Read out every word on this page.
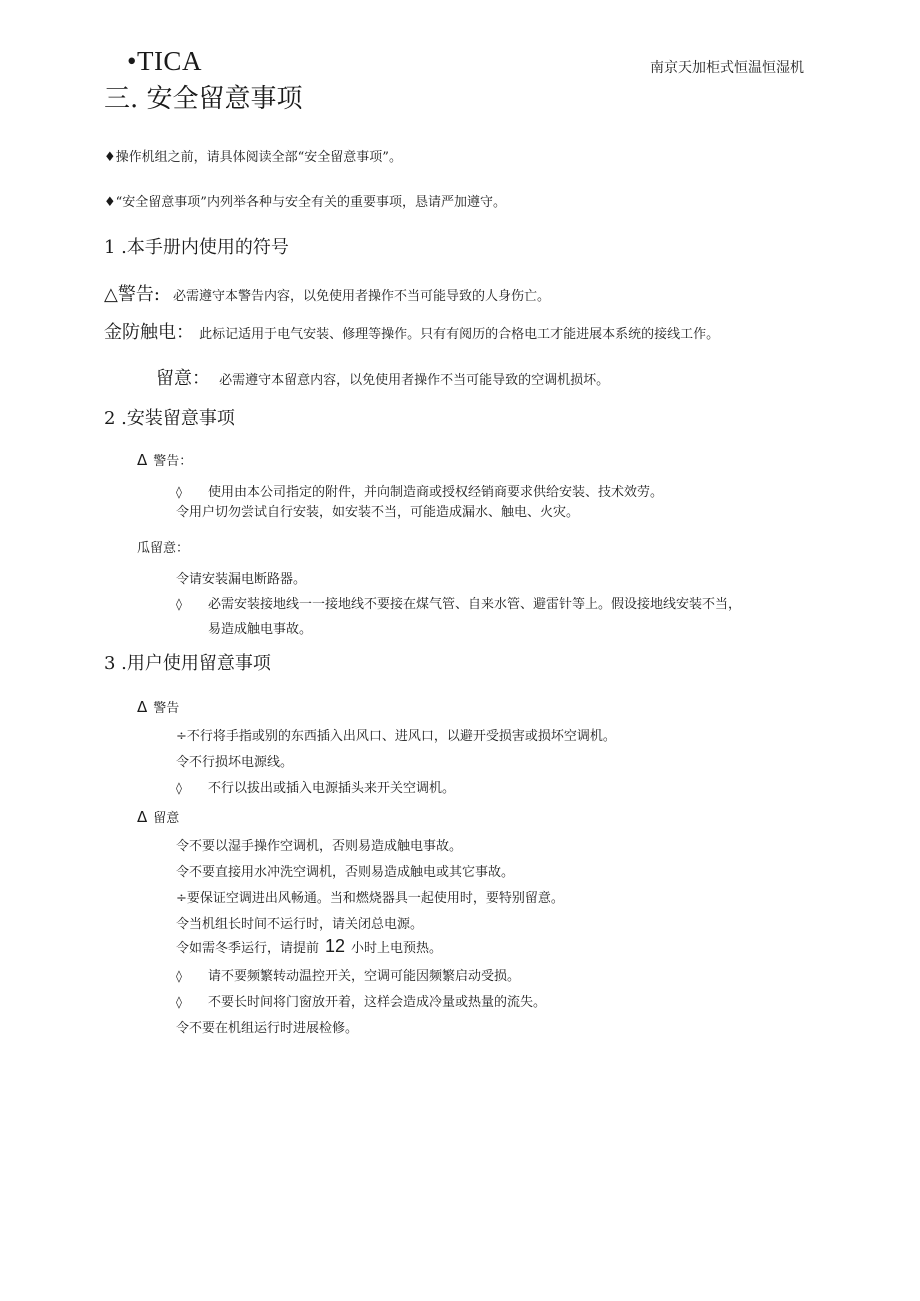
•TICA	南京天加柜式恒温恒湿机
三. 安全留意事项
♦操作机组之前，请具体阅读全部“安全留意事项”。
♦“安全留意事项”内列举各种与安全有关的重要事项，恳请严加遵守。
1 .本手册内使用的符号
△警告: 必需遵守本警告内容，以免使用者操作不当可能导致的人身伤亡。
金防触电： 此标记适用于电气安装、修理等操作。只有有阅历的合格电工才能进展本系统的接线工作。
留意： 必需遵守本留意内容，以免使用者操作不当可能导致的空调机损坏。
2 .安装留意事项
Δ 警告：
◊ 使用由本公司指定的附件，并向制造商或授权经销商要求供给安装、技术效劳。
令用户切勿尝试自行安装，如安装不当，可能造成漏水、触电、火灾。
瓜留意：
令请安装漏电断路器。
◊ 必需安装接地线一一接地线不要接在煤气管、自来水管、避雷针等上。假设接地线安装不当，
易造成触电事故。
3 .用户使用留意事项
Δ 警告
÷不行将手指或别的东西插入出风口、进风口，以避开受损害或损坏空调机。
令不行损坏电源线。
◊ 不行以拔出或插入电源插头来开关空调机。
Δ 留意
令不要以湿手操作空调机，否则易造成触电事故。
令不要直接用水冲洗空调机，否则易造成触电或其它事故。
÷要保证空调进出风畅通。当和燃烧器具一起使用时，要特别留意。
令当机组长时间不运行时，请关闭总电源。
令如需冬季运行，请提前 12 小时上电预热。
◊ 请不要频繁转动温控开关，空调可能因频繁启动受损。
◊ 不要长时间将门窗放开着，这样会造成冷量或热量的流失。
令不要在机组运行时进展检修。
